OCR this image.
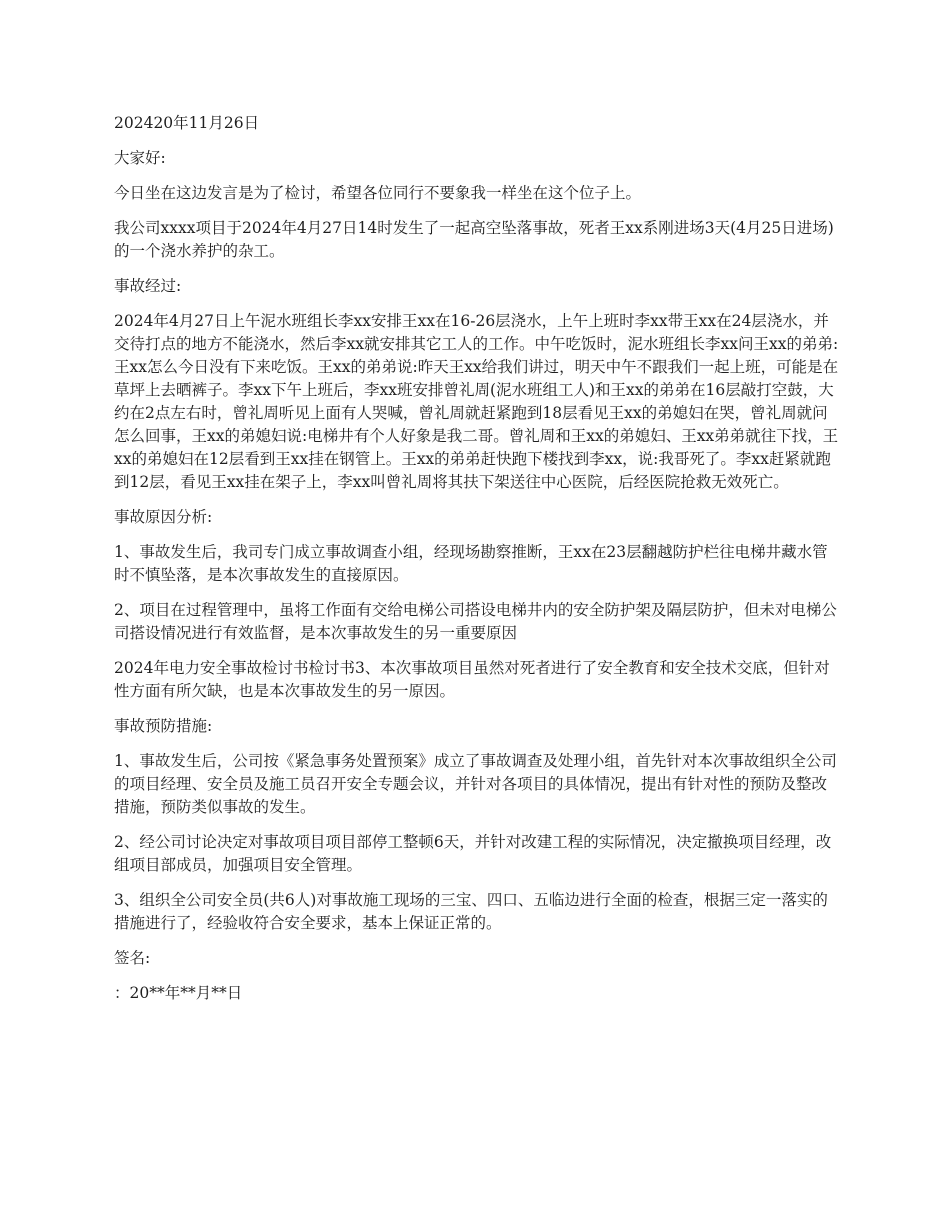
202420年11月26日

大家好:

今日坐在这边发言是为了检讨，希望各位同行不要象我一样坐在这个位子上。

我公司xxxx项目于2024年4月27日14时发生了一起高空坠落事故，死者王xx系刚进场3天(4月25日进场)的一个浇水养护的杂工。

事故经过:

2024年4月27日上午泥水班组长李xx安排王xx在16-26层浇水，上午上班时李xx带王xx在24层浇水，并交待打点的地方不能浇水，然后李xx就安排其它工人的工作。中午吃饭时，泥水班组长李xx问王xx的弟弟:王xx怎么今日没有下来吃饭。王xx的弟弟说:昨天王xx给我们讲过，明天中午不跟我们一起上班，可能是在草坪上去晒裤子。李xx下午上班后，李xx班安排曾礼周(泥水班组工人)和王xx的弟弟在16层敲打空鼓，大约在2点左右时，曾礼周听见上面有人哭喊，曾礼周就赶紧跑到18层看见王xx的弟媳妇在哭，曾礼周就问怎么回事，王xx的弟媳妇说:电梯井有个人好象是我二哥。曾礼周和王xx的弟媳妇、王xx弟弟就往下找，王xx的弟媳妇在12层看到王xx挂在钢管上。王xx的弟弟赶快跑下楼找到李xx，说:我哥死了。李xx赶紧就跑到12层，看见王xx挂在架子上，李xx叫曾礼周将其扶下架送往中心医院，后经医院抢救无效死亡。

事故原因分析:

1、事故发生后，我司专门成立事故调查小组，经现场勘察推断，王xx在23层翻越防护栏往电梯井藏水管时不慎坠落，是本次事故发生的直接原因。

2、项目在过程管理中，虽将工作面有交给电梯公司搭设电梯井内的安全防护架及隔层防护，但未对电梯公司搭设情况进行有效监督，是本次事故发生的另一重要原因

2024年电力安全事故检讨书检讨书3、本次事故项目虽然对死者进行了安全教育和安全技术交底，但针对性方面有所欠缺，也是本次事故发生的另一原因。

事故预防措施:

1、事故发生后，公司按《紧急事务处置预案》成立了事故调查及处理小组，首先针对本次事故组织全公司的项目经理、安全员及施工员召开安全专题会议，并针对各项目的具体情况，提出有针对性的预防及整改措施，预防类似事故的发生。

2、经公司讨论决定对事故项目项目部停工整顿6天，并针对改建工程的实际情况，决定撤换项目经理，改组项目部成员，加强项目安全管理。

3、组织全公司安全员(共6人)对事故施工现场的三宝、四口、五临边进行全面的检查，根据三定一落实的措施进行了，经验收符合安全要求，基本上保证正常的。

签名:

：20**年**月**日
